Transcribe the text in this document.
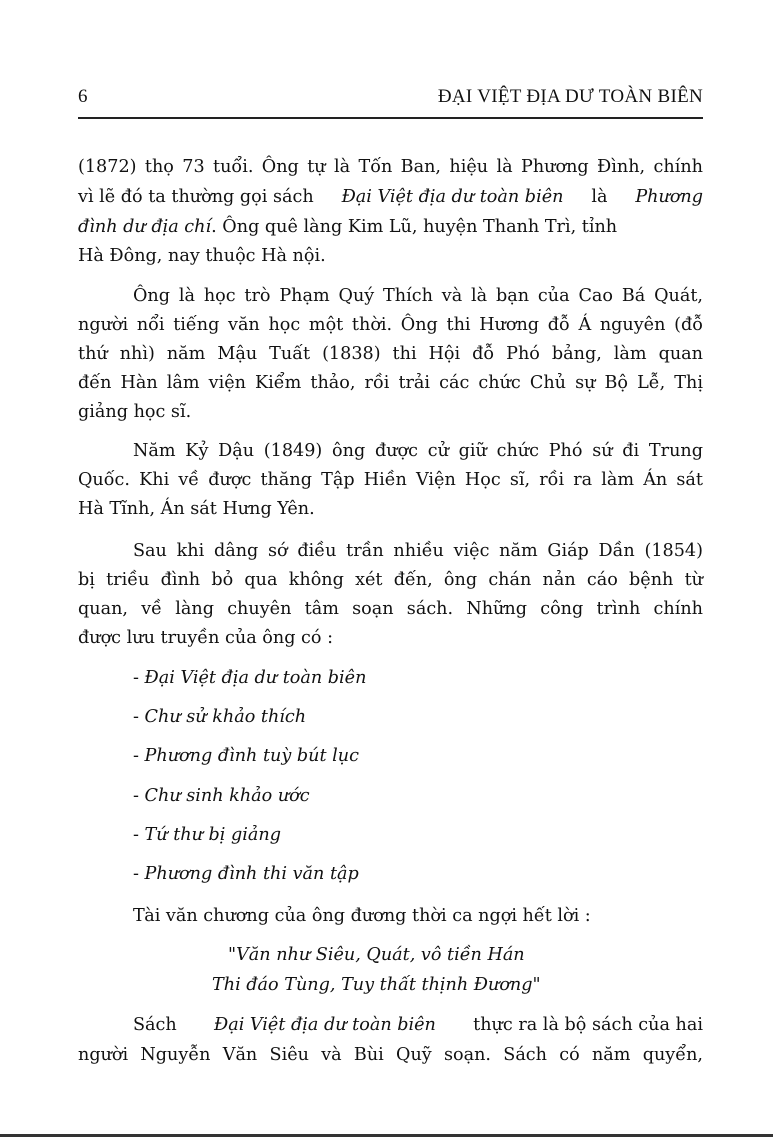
6	ĐẠI VIỆT ĐỊA DƯ TOÀN BIÊN
(1872) thọ 73 tuổi. Ông tự là Tốn Ban, hiệu là Phương Đình, chính
vì lẽ đó ta thường gọi sách Đại Việt địa dư toàn biên là Phương
đình dư địa chí. Ông quê làng Kim Lũ, huyện Thanh Trì, tỉnh
Hà Đông, nay thuộc Hà nội.
Ông là học trò Phạm Quý Thích và là bạn của Cao Bá Quát,
người nổi tiếng văn học một thời. Ông thi Hương đỗ Á nguyên (đỗ
thứ nhì) năm Mậu Tuất (1838) thi Hội đỗ Phó bảng, làm quan
đến Hàn lâm viện Kiểm thảo, rồi trải các chức Chủ sự Bộ Lễ, Thị
giảng học sĩ.
Năm Kỷ Dậu (1849) ông được cử giữ chức Phó sứ đi Trung
Quốc. Khi về được thăng Tập Hiền Viện Học sĩ, rồi ra làm Án sát
Hà Tĩnh, Án sát Hưng Yên.
Sau khi dâng sớ điều trần nhiều việc năm Giáp Dần (1854)
bị triều đình bỏ qua không xét đến, ông chán nản cáo bệnh từ
quan, về làng chuyên tâm soạn sách. Những công trình chính
được lưu truyền của ông có :
- Đại Việt địa dư toàn biên
- Chư sử khảo thích
- Phương đình tuỳ bút lục
- Chư sinh khảo ước
- Tứ thư bị giảng
- Phương đình thi văn tập
Tài văn chương của ông đương thời ca ngợi hết lời :
"Văn như Siêu, Quát, vô tiền Hán
Thi đáo Tùng, Tuy thất thịnh Đương"
Sách Đại Việt địa dư toàn biên thực ra là bộ sách của hai
người Nguyễn Văn Siêu và Bùi Quỹ soạn. Sách có năm quyển,
